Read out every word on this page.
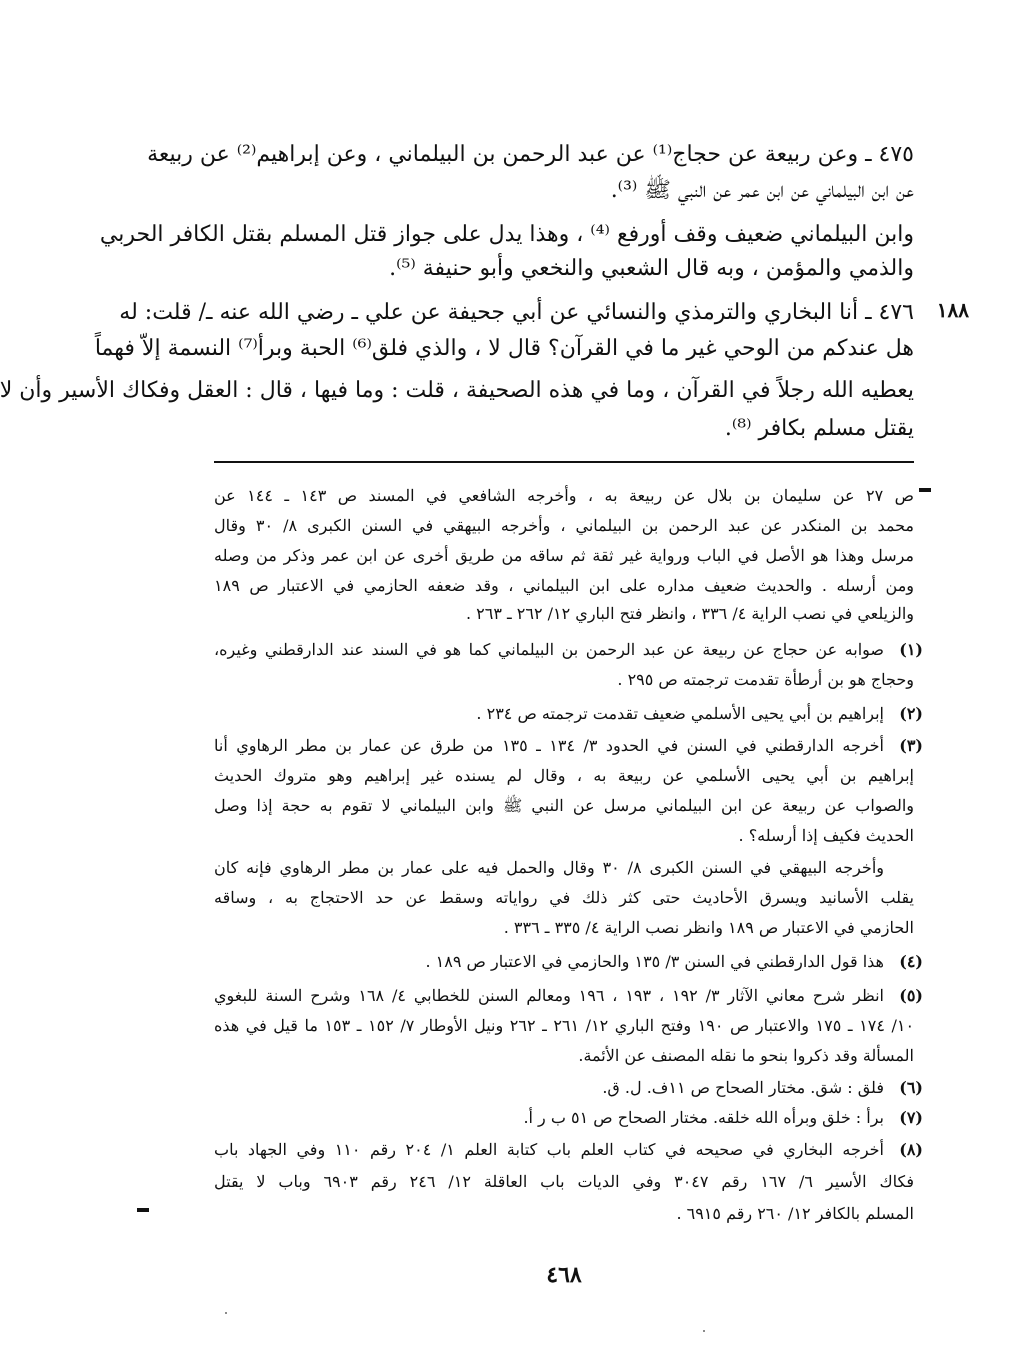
٤٧٥ ـ وعن ربيعة عن حجاج⁽¹⁾ عن عبد الرحمن بن البيلماني ، وعن إبراهيم⁽²⁾ عن ربيعة
عن ابن البيلماني عن ابن عمر عن النبي ﷺ ⁽³⁾.
وابن البيلماني ضعيف وقف أورفع ⁽⁴⁾ ، وهذا يدل على جواز قتل المسلم بقتل الكافر الحربي
والذمي والمؤمن ، وبه قال الشعبي والنخعي وأبو حنيفة ⁽⁵⁾.
٤٧٦ ـ أنا البخاري والترمذي والنسائي عن أبي جحيفة عن علي ـ رضي الله عنه ـ/ قلت: له
هل عندكم من الوحي غير ما في القرآن؟ قال لا ، والذي فلق⁽⁶⁾ الحبة وبرأ⁽⁷⁾ النسمة إلاّ فهماً
يعطيه الله رجلاً في القرآن ، وما في هذه الصحيفة ، قلت : وما فيها ، قال : العقل وفكاك الأسير وأن لا
يقتل مسلم بكافر ⁽⁸⁾.
١٨٨
ص ٢٧ عن سليمان بن بلال عن ربيعة به ، وأخرجه الشافعي في المسند ص ١٤٣ ـ ١٤٤ عن
محمد بن المنكدر عن عبد الرحمن بن البيلماني ، وأخرجه البيهقي في السنن الكبرى ٨/ ٣٠ وقال
مرسل وهذا هو الأصل في الباب ورواية غير ثقة ثم ساقه من طريق أخرى عن ابن عمر وذكر من وصله
ومن أرسله . والحديث ضعيف مداره على ابن البيلماني ، وقد ضعفه الحازمي في الاعتبار ص ١٨٩
والزيلعي في نصب الراية ٤/ ٣٣٦ ، وانظر فتح الباري ١٢/ ٢٦٢ ـ ٢٦٣ .
(١)
صوابه عن حجاج عن ربيعة عن عبد الرحمن بن البيلماني كما هو في السند عند الدارقطني وغيره،
وحجاج هو بن أرطأة تقدمت ترجمته ص ٢٩٥ .
(٢)
إبراهيم بن أبي يحيى الأسلمي ضعيف تقدمت ترجمته ص ٢٣٤ .
(٣)
أخرجه الدارقطني في السنن في الحدود ٣/ ١٣٤ ـ ١٣٥ من طرق عن عمار بن مطر الرهاوي أنا
إبراهيم بن أبي يحيى الأسلمي عن ربيعة به ، وقال لم يسنده غير إبراهيم وهو متروك الحديث
والصواب عن ربيعة عن ابن البيلماني مرسل عن النبي ﷺ وابن البيلماني لا تقوم به حجة إذا وصل
الحديث فكيف إذا أرسله؟ .
وأخرجه البيهقي في السنن الكبرى ٨/ ٣٠ وقال والحمل فيه على عمار بن مطر الرهاوي فإنه كان
يقلب الأسانيد ويسرق الأحاديث حتى كثر ذلك في رواياته وسقط عن حد الاحتجاج به ، وساقه
الحازمي في الاعتبار ص ١٨٩ وانظر نصب الراية ٤/ ٣٣٥ ـ ٣٣٦ .
(٤)
هذا قول الدارقطني في السنن ٣/ ١٣٥ والحازمي في الاعتبار ص ١٨٩ .
(٥)
انظر شرح معاني الآثار ٣/ ١٩٢ ، ١٩٣ ، ١٩٦ ومعالم السنن للخطابي ٤/ ١٦٨ وشرح السنة للبغوي
١٠/ ١٧٤ ـ ١٧٥ والاعتبار ص ١٩٠ وفتح الباري ١٢/ ٢٦١ ـ ٢٦٢ ونيل الأوطار ٧/ ١٥٢ ـ ١٥٣ ما قيل في هذه
المسألة وقد ذكروا بنحو ما نقله المصنف عن الأئمة.
(٦)
فلق : شق. مختار الصحاح ص ١١ف. ل. ق.
(٧)
برأ : خلق وبرأه الله خلقه. مختار الصحاح ص ٥١ ب ر أ.
(٨)
أخرجه البخاري في صحيحه في كتاب العلم باب كتابة العلم ١/ ٢٠٤ رقم ١١٠ وفي الجهاد باب
فكاك الأسير ٦/ ١٦٧ رقم ٣٠٤٧ وفي الديات باب العاقلة ١٢/ ٢٤٦ رقم ٦٩٠٣ وباب لا يقتل
المسلم بالكافر ١٢/ ٢٦٠ رقم ٦٩١٥ .
٤٦٨
